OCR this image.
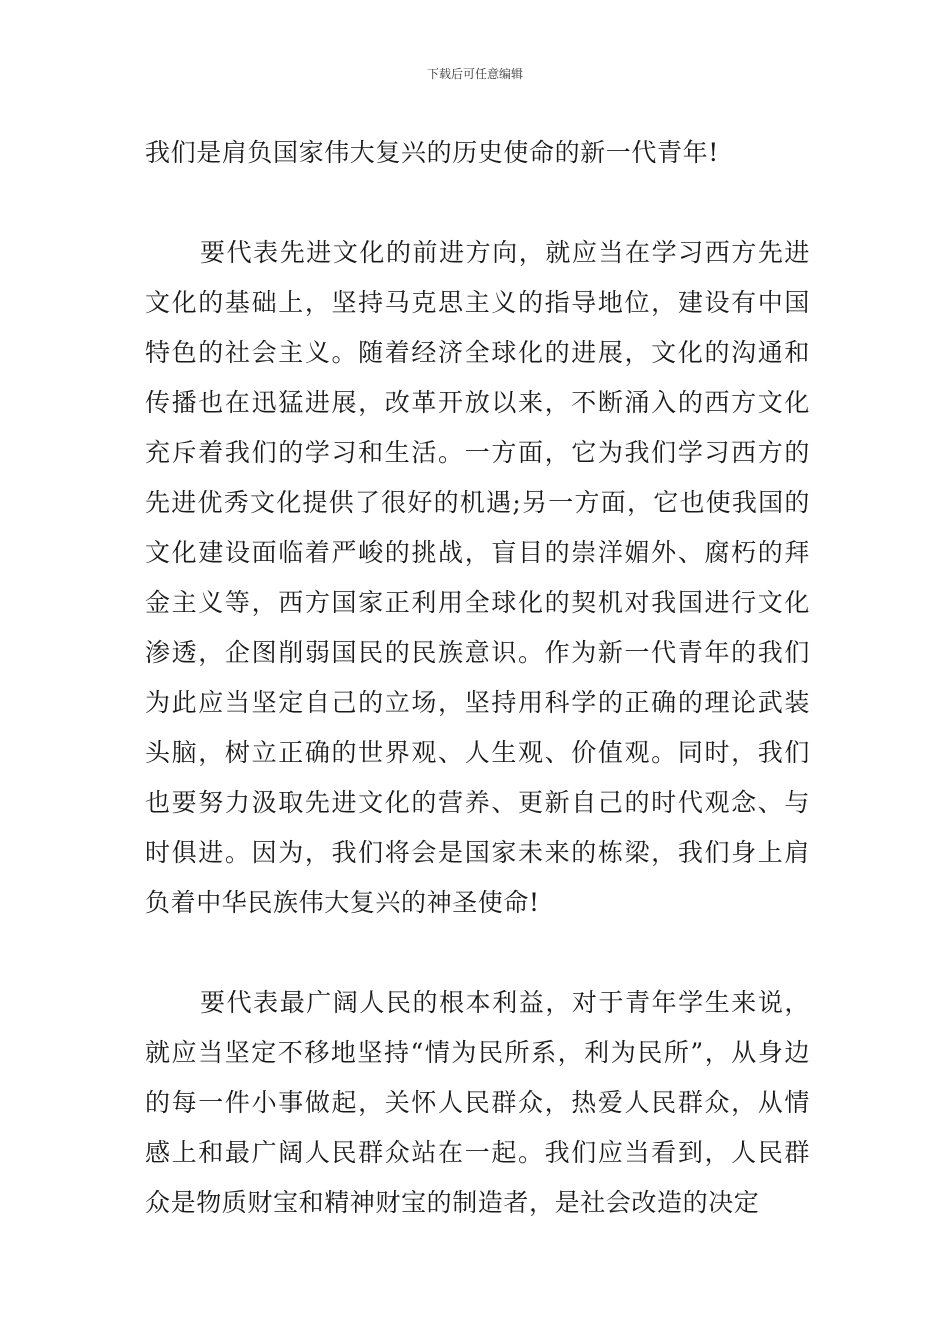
下载后可任意编辑

我们是肩负国家伟大复兴的历史使命的新一代青年!

要代表先进文化的前进方向，就应当在学习西方先进文化的基础上，坚持马克思主义的指导地位，建设有中国特色的社会主义。随着经济全球化的进展，文化的沟通和传播也在迅猛进展，改革开放以来，不断涌入的西方文化充斥着我们的学习和生活。一方面，它为我们学习西方的先进优秀文化提供了很好的机遇;另一方面，它也使我国的文化建设面临着严峻的挑战，盲目的崇洋媚外、腐朽的拜金主义等，西方国家正利用全球化的契机对我国进行文化渗透，企图削弱国民的民族意识。作为新一代青年的我们为此应当坚定自己的立场，坚持用科学的正确的理论武装头脑，树立正确的世界观、人生观、价值观。同时，我们也要努力汲取先进文化的营养、更新自己的时代观念、与时俱进。因为，我们将会是国家未来的栋梁，我们身上肩负着中华民族伟大复兴的神圣使命!

要代表最广阔人民的根本利益，对于青年学生来说，就应当坚定不移地坚持“情为民所系，利为民所”，从身边的每一件小事做起，关怀人民群众，热爱人民群众，从情感上和最广阔人民群众站在一起。我们应当看到，人民群众是物质财宝和精神财宝的制造者，是社会改造的决定
